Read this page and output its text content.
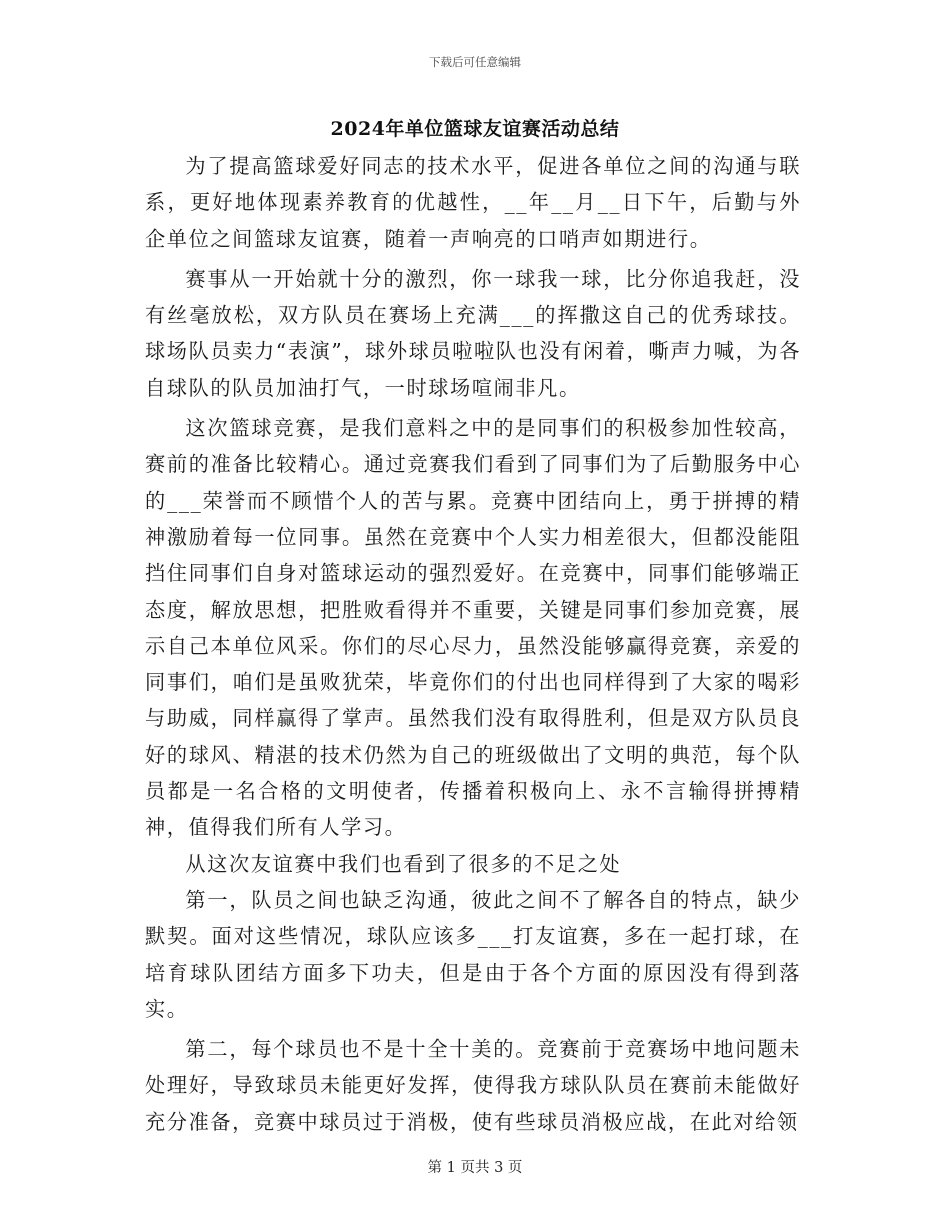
下载后可任意编辑
2024年单位篮球友谊赛活动总结

为了提高篮球爱好同志的技术水平，促进各单位之间的沟通与联系，更好地体现素养教育的优越性，__年__月__日下午，后勤与外企单位之间篮球友谊赛，随着一声响亮的口哨声如期进行。

赛事从一开始就十分的激烈，你一球我一球，比分你追我赶，没有丝毫放松，双方队员在赛场上充满___的挥撒这自己的优秀球技。球场队员卖力“表演”，球外球员啦啦队也没有闲着，嘶声力喊，为各自球队的队员加油打气，一时球场喧闹非凡。

这次篮球竞赛，是我们意料之中的是同事们的积极参加性较高，赛前的准备比较精心。通过竞赛我们看到了同事们为了后勤服务中心的___荣誉而不顾惜个人的苦与累。竞赛中团结向上，勇于拼搏的精神激励着每一位同事。虽然在竞赛中个人实力相差很大，但都没能阻挡住同事们自身对篮球运动的强烈爱好。在竞赛中，同事们能够端正态度，解放思想，把胜败看得并不重要，关键是同事们参加竞赛，展示自己本单位风采。你们的尽心尽力，虽然没能够赢得竞赛，亲爱的同事们，咱们是虽败犹荣，毕竟你们的付出也同样得到了大家的喝彩与助威，同样赢得了掌声。虽然我们没有取得胜利，但是双方队员良好的球风、精湛的技术仍然为自己的班级做出了文明的典范，每个队员都是一名合格的文明使者，传播着积极向上、永不言输得拼搏精神，值得我们所有人学习。

从这次友谊赛中我们也看到了很多的不足之处

第一，队员之间也缺乏沟通，彼此之间不了解各自的特点，缺少默契。面对这些情况，球队应该多___打友谊赛，多在一起打球，在培育球队团结方面多下功夫，但是由于各个方面的原因没有得到落实。

第二，每个球员也不是十全十美的。竞赛前于竞赛场中地问题未处理好，导致球员未能更好发挥，使得我方球队队员在赛前未能做好充分准备，竞赛中球员过于消极，使有些球员消极应战，在此对给领

第 1 页共 3 页
